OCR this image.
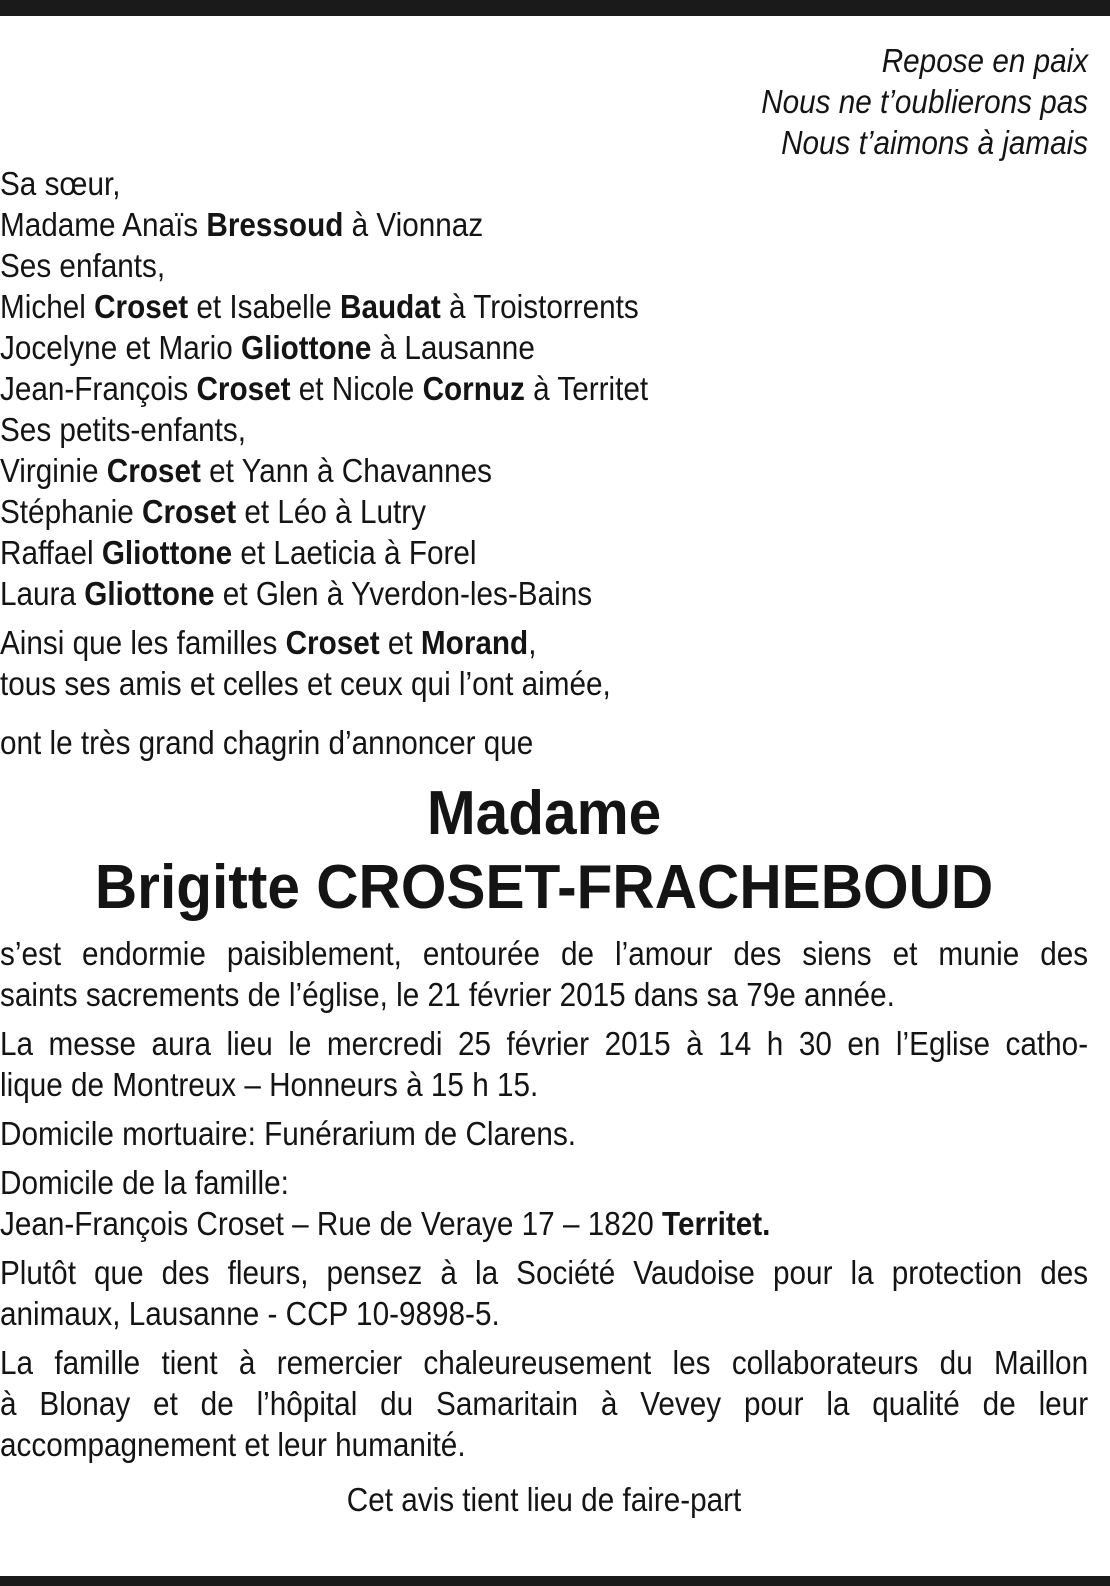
Repose en paix

Nous ne t’oublierons pas

Nous t’aimons à jamais

Sa sœur,

Madame Anaïs Bressoud à Vionnaz

Ses enfants,

Michel Croset et Isabelle Baudat à Troistorrents

Jocelyne et Mario Gliottone à Lausanne

Jean-François Croset et Nicole Cornuz à Territet

Ses petits-enfants,

Virginie Croset et Yann à Chavannes

Stéphanie Croset et Léo à Lutry

Raffael Gliottone et Laeticia à Forel

Laura Gliottone et Glen à Yverdon-les-Bains

Ainsi que les familles Croset et Morand,

tous ses amis et celles et ceux qui l’ont aimée,

ont le très grand chagrin d’annoncer que

Madame

Brigitte CROSET-FRACHEBOUD

s’est endormie paisiblement, entourée de l’amour des siens et munie des

saints sacrements de l’église, le 21 février 2015 dans sa 79e année.

La messe aura lieu le mercredi 25 février 2015 à 14 h 30 en l’Eglise catho-

lique de Montreux – Honneurs à 15 h 15.

Domicile mortuaire: Funérarium de Clarens.

Domicile de la famille:

Jean-François Croset – Rue de Veraye 17 – 1820 Territet.

Plutôt que des fleurs, pensez à la Société Vaudoise pour la protection des

animaux, Lausanne - CCP 10-9898-5.

La famille tient à remercier chaleureusement les collaborateurs du Maillon

à Blonay et de l’hôpital du Samaritain à Vevey pour la qualité de leur

accompagnement et leur humanité.

Cet avis tient lieu de faire-part
